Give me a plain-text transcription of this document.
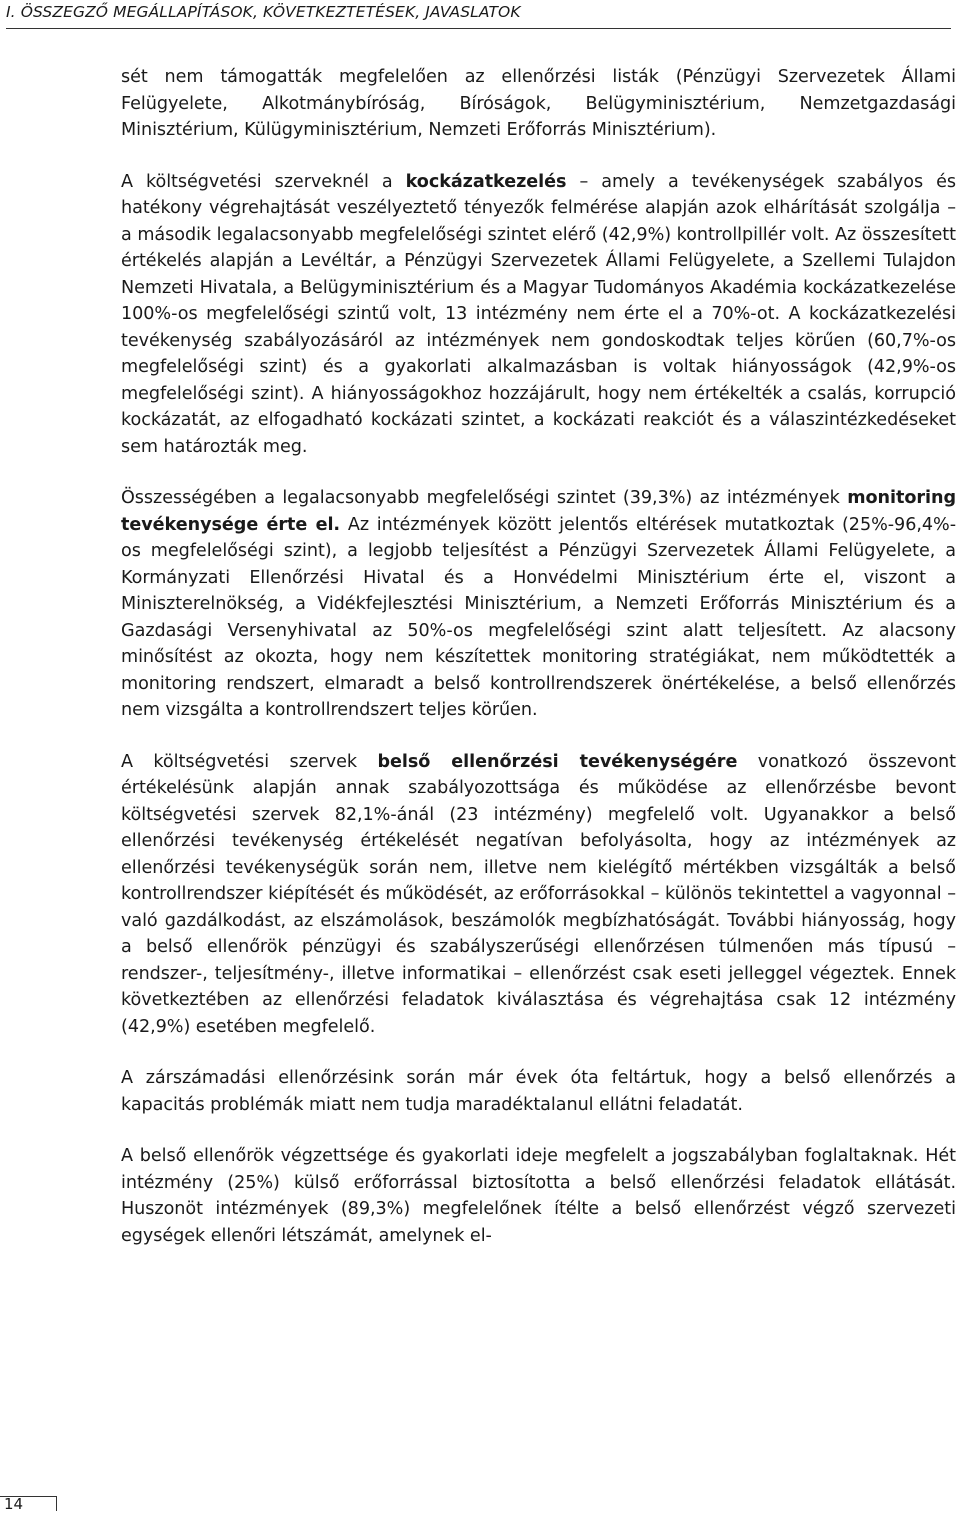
I. ÖSSZEGZŐ MEGÁLLAPÍTÁSOK, KÖVETKEZTETÉSEK, JAVASLATOK

sét nem támogatták megfelelően az ellenőrzési listák (Pénzügyi Szervezetek Állami Felügyelete, Alkotmánybíróság, Bíróságok, Belügyminisztérium, Nemzetgazdasági Minisztérium, Külügyminisztérium, Nemzeti Erőforrás Minisztérium).

A költségvetési szerveknél a kockázatkezelés – amely a tevékenységek szabályos és hatékony végrehajtását veszélyeztető tényezők felmérése alapján azok elhárítását szolgálja – a második legalacsonyabb megfelelőségi szintet elérő (42,9%) kontrollpillér volt. Az összesített értékelés alapján a Levéltár, a Pénzügyi Szervezetek Állami Felügyelete, a Szellemi Tulajdon Nemzeti Hivatala, a Belügyminisztérium és a Magyar Tudományos Akadémia kockázatkezelése 100%-os megfelelőségi szintű volt, 13 intézmény nem érte el a 70%-ot. A kockázatkezelési tevékenység szabályozásáról az intézmények nem gondoskodtak teljes körűen (60,7%-os megfelelőségi szint) és a gyakorlati alkalmazásban is voltak hiányosságok (42,9%-os megfelelőségi szint). A hiányosságokhoz hozzájárult, hogy nem értékelték a csalás, korrupció kockázatát, az elfogadható kockázati szintet, a kockázati reakciót és a válaszintézkedéseket sem határozták meg.

Összességében a legalacsonyabb megfelelőségi szintet (39,3%) az intézmények monitoring tevékenysége érte el. Az intézmények között jelentős eltérések mutatkoztak (25%-96,4%-os megfelelőségi szint), a legjobb teljesítést a Pénzügyi Szervezetek Állami Felügyelete, a Kormányzati Ellenőrzési Hivatal és a Honvédelmi Minisztérium érte el, viszont a Miniszterelnökség, a Vidékfejlesztési Minisztérium, a Nemzeti Erőforrás Minisztérium és a Gazdasági Versenyhivatal az 50%-os megfelelőségi szint alatt teljesített. Az alacsony minősítést az okozta, hogy nem készítettek monitoring stratégiákat, nem működtették a monitoring rendszert, elmaradt a belső kontrollrendszerek önértékelése, a belső ellenőrzés nem vizsgálta a kontrollrendszert teljes körűen.

A költségvetési szervek belső ellenőrzési tevékenységére vonatkozó összevont értékelésünk alapján annak szabályozottsága és működése az ellenőrzésbe bevont költségvetési szervek 82,1%-ánál (23 intézmény) megfelelő volt. Ugyanakkor a belső ellenőrzési tevékenység értékelését negatívan befolyásolta, hogy az intézmények az ellenőrzési tevékenységük során nem, illetve nem kielégítő mértékben vizsgálták a belső kontrollrendszer kiépítését és működését, az erőforrásokkal – különös tekintettel a vagyonnal – való gazdálkodást, az elszámolások, beszámolók megbízhatóságát. További hiányosság, hogy a belső ellenőrök pénzügyi és szabályszerűségi ellenőrzésen túlmenően más típusú – rendszer-, teljesítmény-, illetve informatikai – ellenőrzést csak eseti jelleggel végeztek. Ennek következtében az ellenőrzési feladatok kiválasztása és végrehajtása csak 12 intézmény (42,9%) esetében megfelelő.

A zárszámadási ellenőrzésink során már évek óta feltártuk, hogy a belső ellenőrzés a kapacitás problémák miatt nem tudja maradéktalanul ellátni feladatát.

A belső ellenőrök végzettsége és gyakorlati ideje megfelelt a jogszabályban foglaltaknak. Hét intézmény (25%) külső erőforrással biztosította a belső ellenőrzési feladatok ellátását. Huszonöt intézmények (89,3%) megfelelőnek ítélte a belső ellenőrzést végző szervezeti egységek ellenőri létszámát, amelynek el-

14
